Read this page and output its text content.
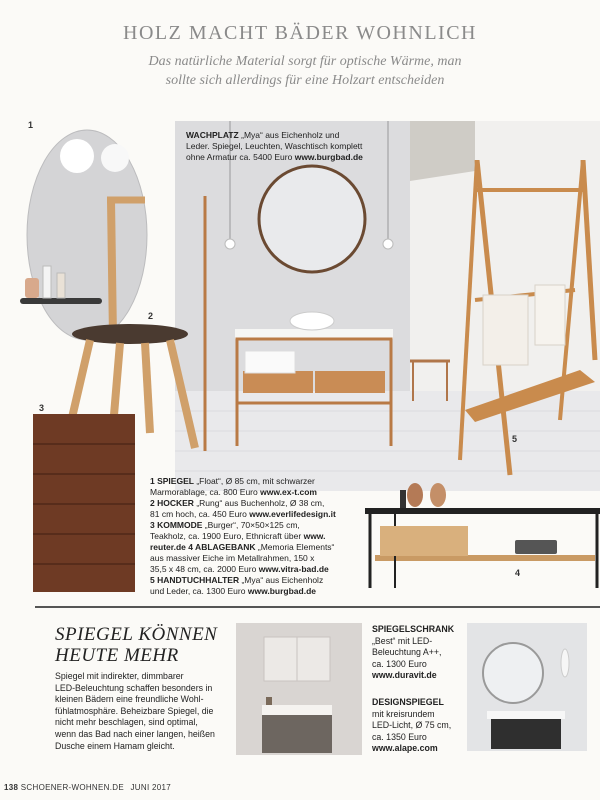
HOLZ MACHT BÄDER WOHNLICH
Das natürliche Material sorgt für optische Wärme, man
sollte sich allerdings für eine Holzart entscheiden
1
2
3
4
5
WACHPLATZ „Mya“ aus Eichenholz und
Leder. Spiegel, Leuchten, Waschtisch komplett
ohne Armatur ca. 5400 Euro www.burgbad.de
1 SPIEGEL „Float“, Ø 85 cm, mit schwarzer
Marmorablage, ca. 800 Euro www.ex-t.com
2 HOCKER „Rung“ aus Buchenholz, Ø 38 cm,
81 cm hoch, ca. 450 Euro www.everlifedesign.it
3 KOMMODE „Burger“, 70×50×125 cm,
Teakholz, ca. 1900 Euro, Ethnicraft über www.
reuter.de 4 ABLAGEBANK „Memoria Elements“
aus massiver Eiche im Metallrahmen, 150 x
35,5 x 48 cm, ca. 2000 Euro www.vitra-bad.de
5 HANDTUCHHALTER „Mya“ aus Eichenholz
und Leder, ca. 1300 Euro www.burgbad.de
SPIEGEL KÖNNEN
HEUTE MEHR
Spiegel mit indirekter, dimmbarer
LED-Beleuchtung schaffen besonders in
kleinen Bädern eine freundliche Wohl-
fühlatmosphäre. Beheizbare Spiegel, die
nicht mehr beschlagen, sind optimal,
wenn das Bad nach einer langen, heißen
Dusche einem Hamam gleicht.
SPIEGELSCHRANK
„Best“ mit LED-
Beleuchtung A++,
ca. 1300 Euro
www.duravit.de
DESIGNSPIEGEL
mit kreisrundem
LED-Licht, Ø 75 cm,
ca. 1350 Euro
www.alape.com
138 SCHOENER-WOHNEN.DE JUNI 2017
